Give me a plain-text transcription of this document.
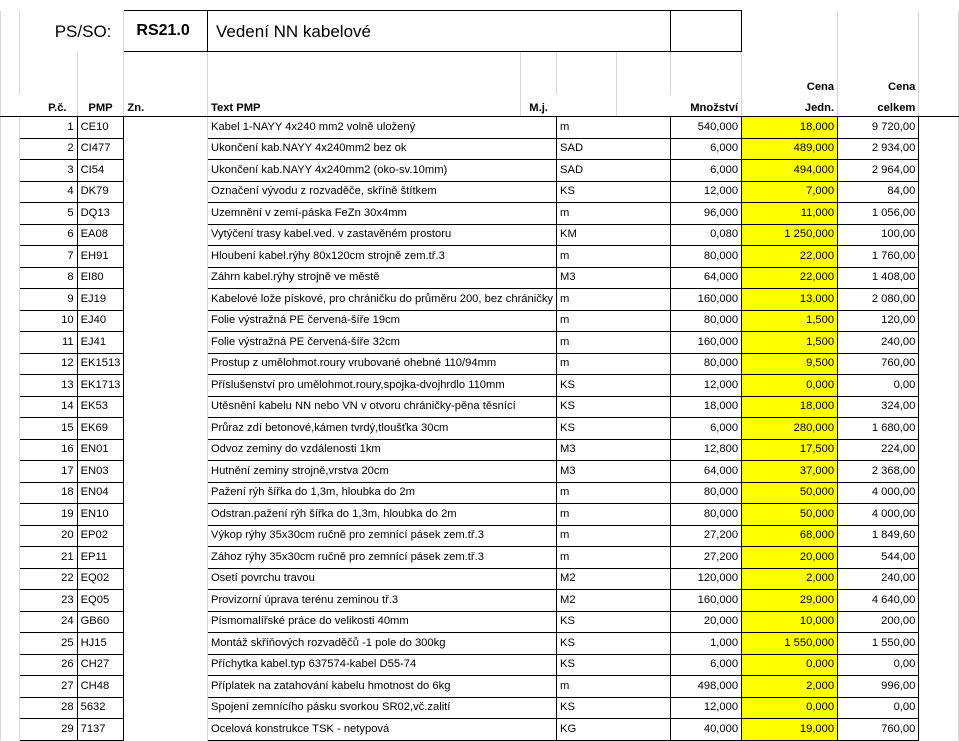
	PS/SO:		RS21.0	Vedení NN kabelové							

									Cena	Cena	
P.č.		PMP	Zn.	Text PMP	M.j.		Množství		Jedn.	celkem	
	1	CE10		Kabel 1-NAYY 4x240 mm2 volně uložený		m		540,000	18,000	9 720,00	
	2	CI477		Ukončení kab.NAYY 4x240mm2 bez ok		SAD		6,000	489,000	2 934,00	
	3	CI54		Ukončení kab.NAYY 4x240mm2 (oko-sv.10mm)		SAD		6,000	494,000	2 964,00	
	4	DK79		Označení vývodu z rozvaděče, skříně štítkem		KS		12,000	7,000	84,00	
	5	DQ13		Uzemnění v zemí-páska FeZn 30x4mm		m		96,000	11,000	1 056,00	
	6	EA08		Vytýčení trasy kabel.ved. v zastavěném prostoru		KM		0,080	1 250,000	100,00	
	7	EH91		Hloubení kabel.rýhy 80x120cm strojně zem.tř.3		m		80,000	22,000	1 760,00	
	8	EI80		Záhrn kabel.rýhy strojně ve městě		M3		64,000	22,000	1 408,00	
	9	EJ19		Kabelové lože pískové, pro chráničku do průměru 200, bez chráničky		m		160,000	13,000	2 080,00	
	10	EJ40		Folie výstražná PE červená-šíře 19cm		m		80,000	1,500	120,00	
	11	EJ41		Folie výstražná PE červená-šíře 32cm		m		160,000	1,500	240,00	
	12	EK1513		Prostup z umělohmot.roury vrubované ohebné 110/94mm		m		80,000	9,500	760,00	
	13	EK1713		Příslušenství pro umělohmot.roury,spojka-dvojhrdlo 110mm		KS		12,000	0,000	0,00	
	14	EK53		Utěsnění kabelu NN nebo VN v otvoru chráničky-pěna těsnící		KS		18,000	18,000	324,00	
	15	EK69		Průraz zdí betonové,kámen tvrdý,tloušťka 30cm		KS		6,000	280,000	1 680,00	
	16	EN01		Odvoz zeminy do vzdálenosti 1km		M3		12,800	17,500	224,00	
	17	EN03		Hutnění zeminy strojně,vrstva 20cm		M3		64,000	37,000	2 368,00	
	18	EN04		Pažení rýh šířka do 1,3m, hloubka do 2m		m		80,000	50,000	4 000,00	
	19	EN10		Odstran.pažení rýh šířka do 1,3m, hloubka do 2m		m		80,000	50,000	4 000,00	
	20	EP02		Výkop rýhy 35x30cm ručně pro zemnící pásek zem.tř.3		m		27,200	68,000	1 849,60	
	21	EP11		Zához rýhy 35x30cm ručně pro zemnící pásek zem.tř.3		m		27,200	20,000	544,00	
	22	EQ02		Osetí povrchu travou		M2		120,000	2,000	240,00	
	23	EQ05		Provizorní úprava terénu zeminou tř.3		M2		160,000	29,000	4 640,00	
	24	GB60		Písmomalířské práce do velikosti 40mm		KS		20,000	10,000	200,00	
	25	HJ15		Montáž skříňových rozvaděčů -1 pole do 300kg		KS		1,000	1 550,000	1 550,00	
	26	CH27		Příchytka kabel.typ 637574-kabel D55-74		KS		6,000	0,000	0,00	
	27	CH48		Příplatek na zatahování kabelu hmotnost do 6kg		m		498,000	2,000	996,00	
	28	5632		Spojení zemnícího pásku svorkou SR02,vč.zalití		KS		12,000	0,000	0,00	
	29	7137		Ocelová konstrukce TSK - netypová		KG		40,000	19,000	760,00	
